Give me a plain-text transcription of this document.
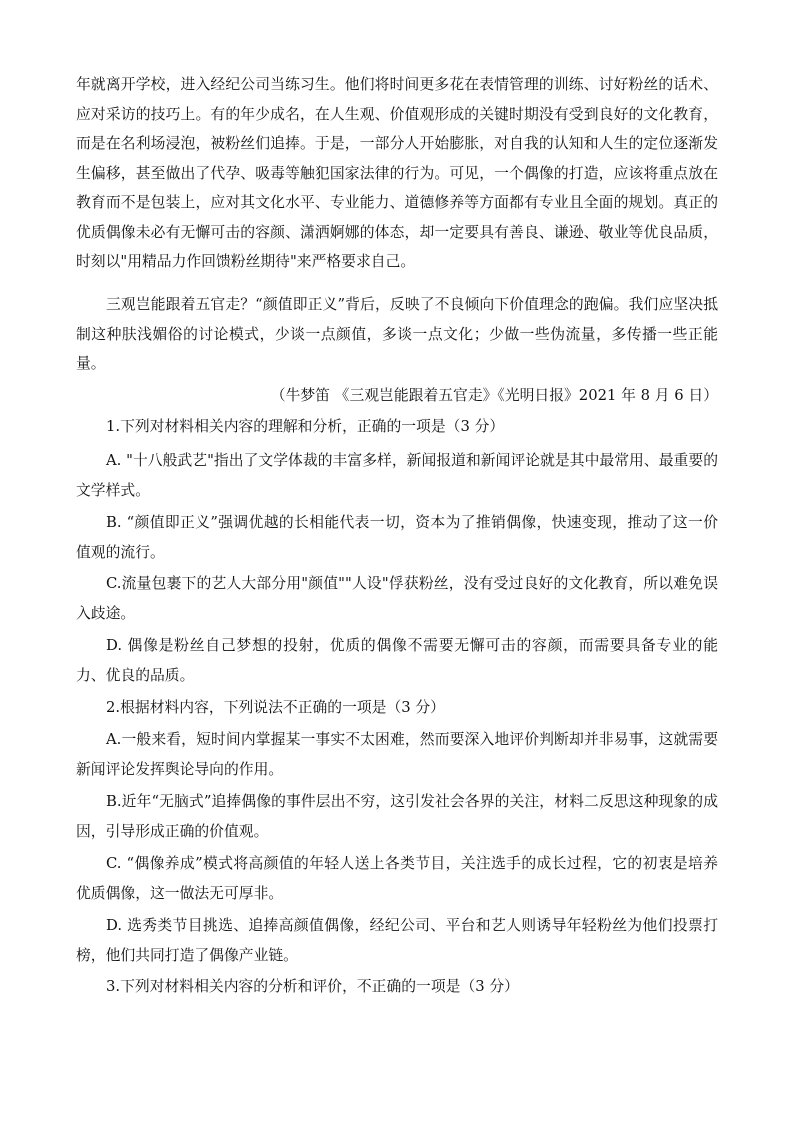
年就离开学校，进入经纪公司当练习生。他们将时间更多花在表情管理的训练、讨好粉丝的话术、应对采访的技巧上。有的年少成名，在人生观、价值观形成的关键时期没有受到良好的文化教育，而是在名利场浸泡，被粉丝们追捧。于是，一部分人开始膨胀，对自我的认知和人生的定位逐渐发生偏移，甚至做出了代孕、吸毒等触犯国家法律的行为。可见，一个偶像的打造，应该将重点放在教育而不是包装上，应对其文化水平、专业能力、道德修养等方面都有专业且全面的规划。真正的优质偶像未必有无懈可击的容颜、潇洒婀娜的体态，却一定要具有善良、谦逊、敬业等优良品质，时刻以"用精品力作回馈粉丝期待"来严格要求自己。

三观岂能跟着五官走？“颜值即正义”背后，反映了不良倾向下价值理念的跑偏。我们应坚决抵制这种肤浅媚俗的讨论模式，少谈一点颜值，多谈一点文化；少做一些伪流量，多传播一些正能量。

（牛梦笛 《三观岂能跟着五官走》《光明日报》2021 年 8 月 6 日）

1.下列对材料相关内容的理解和分析，正确的一项是（3 分）

A. "十八般武艺"指出了文学体裁的丰富多样，新闻报道和新闻评论就是其中最常用、最重要的文学样式。

B. “颜值即正义”强调优越的长相能代表一切，资本为了推销偶像，快速变现，推动了这一价值观的流行。

C.流量包裹下的艺人大部分用"颜值""人设"俘获粉丝，没有受过良好的文化教育，所以难免误入歧途。

D. 偶像是粉丝自己梦想的投射，优质的偶像不需要无懈可击的容颜，而需要具备专业的能力、优良的品质。

2.根据材料内容，下列说法不正确的一项是（3 分）

A.一般来看，短时间内掌握某一事实不太困难，然而要深入地评价判断却并非易事，这就需要新闻评论发挥舆论导向的作用。

B.近年“无脑式”追捧偶像的事件层出不穷，这引发社会各界的关注，材料二反思这种现象的成因，引导形成正确的价值观。

C. “偶像养成”模式将高颜值的年轻人送上各类节目，关注选手的成长过程，它的初衷是培养优质偶像，这一做法无可厚非。

D. 选秀类节目挑选、追捧高颜值偶像，经纪公司、平台和艺人则诱导年轻粉丝为他们投票打榜，他们共同打造了偶像产业链。

3.下列对材料相关内容的分析和评价，不正确的一项是（3 分）
